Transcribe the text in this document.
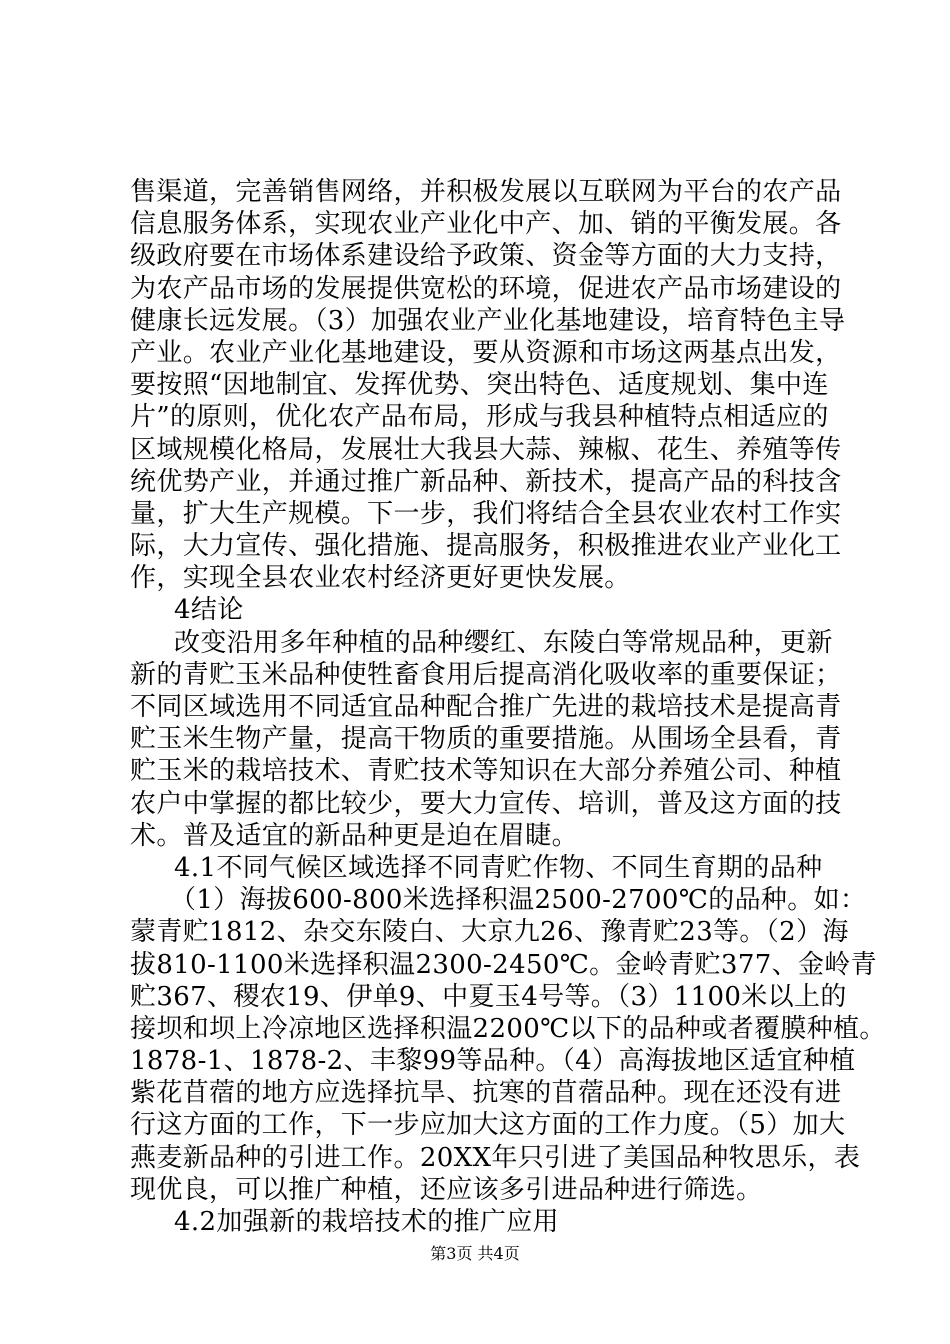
售渠道，完善销售网络，并积极发展以互联网为平台的农产品
信息服务体系，实现农业产业化中产、加、销的平衡发展。各
级政府要在市场体系建设给予政策、资金等方面的大力支持，
为农产品市场的发展提供宽松的环境，促进农产品市场建设的
健康长远发展。（3）加强农业产业化基地建设，培育特色主导
产业。农业产业化基地建设，要从资源和市场这两基点出发，
要按照“因地制宜、发挥优势、突出特色、适度规划、集中连
片”的原则，优化农产品布局，形成与我县种植特点相适应的
区域规模化格局，发展壮大我县大蒜、辣椒、花生、养殖等传
统优势产业，并通过推广新品种、新技术，提高产品的科技含
量，扩大生产规模。下一步，我们将结合全县农业农村工作实
际，大力宣传、强化措施、提高服务，积极推进农业产业化工
作，实现全县农业农村经济更好更快发展。
4结论
改变沿用多年种植的品种缨红、东陵白等常规品种，更新
新的青贮玉米品种使牲畜食用后提高消化吸收率的重要保证；
不同区域选用不同适宜品种配合推广先进的栽培技术是提高青
贮玉米生物产量，提高干物质的重要措施。从围场全县看，青
贮玉米的栽培技术、青贮技术等知识在大部分养殖公司、种植
农户中掌握的都比较少，要大力宣传、培训，普及这方面的技
术。普及适宜的新品种更是迫在眉睫。
4.1不同气候区域选择不同青贮作物、不同生育期的品种
（1）海拔600-800米选择积温2500-2700℃的品种。如：
蒙青贮1812、杂交东陵白、大京九26、豫青贮23等。（2）海
拔810-1100米选择积温2300-2450℃。金岭青贮377、金岭青
贮367、稷农19、伊单9、中夏玉4号等。（3）1100米以上的
接坝和坝上冷凉地区选择积温2200℃以下的品种或者覆膜种植。
1878-1、1878-2、丰黎99等品种。（4）高海拔地区适宜种植
紫花苜蓿的地方应选择抗旱、抗寒的苜蓿品种。现在还没有进
行这方面的工作，下一步应加大这方面的工作力度。（5）加大
燕麦新品种的引进工作。20XX年只引进了美国品种牧思乐，表
现优良，可以推广种植，还应该多引进品种进行筛选。
4.2加强新的栽培技术的推广应用
第3页 共4页
